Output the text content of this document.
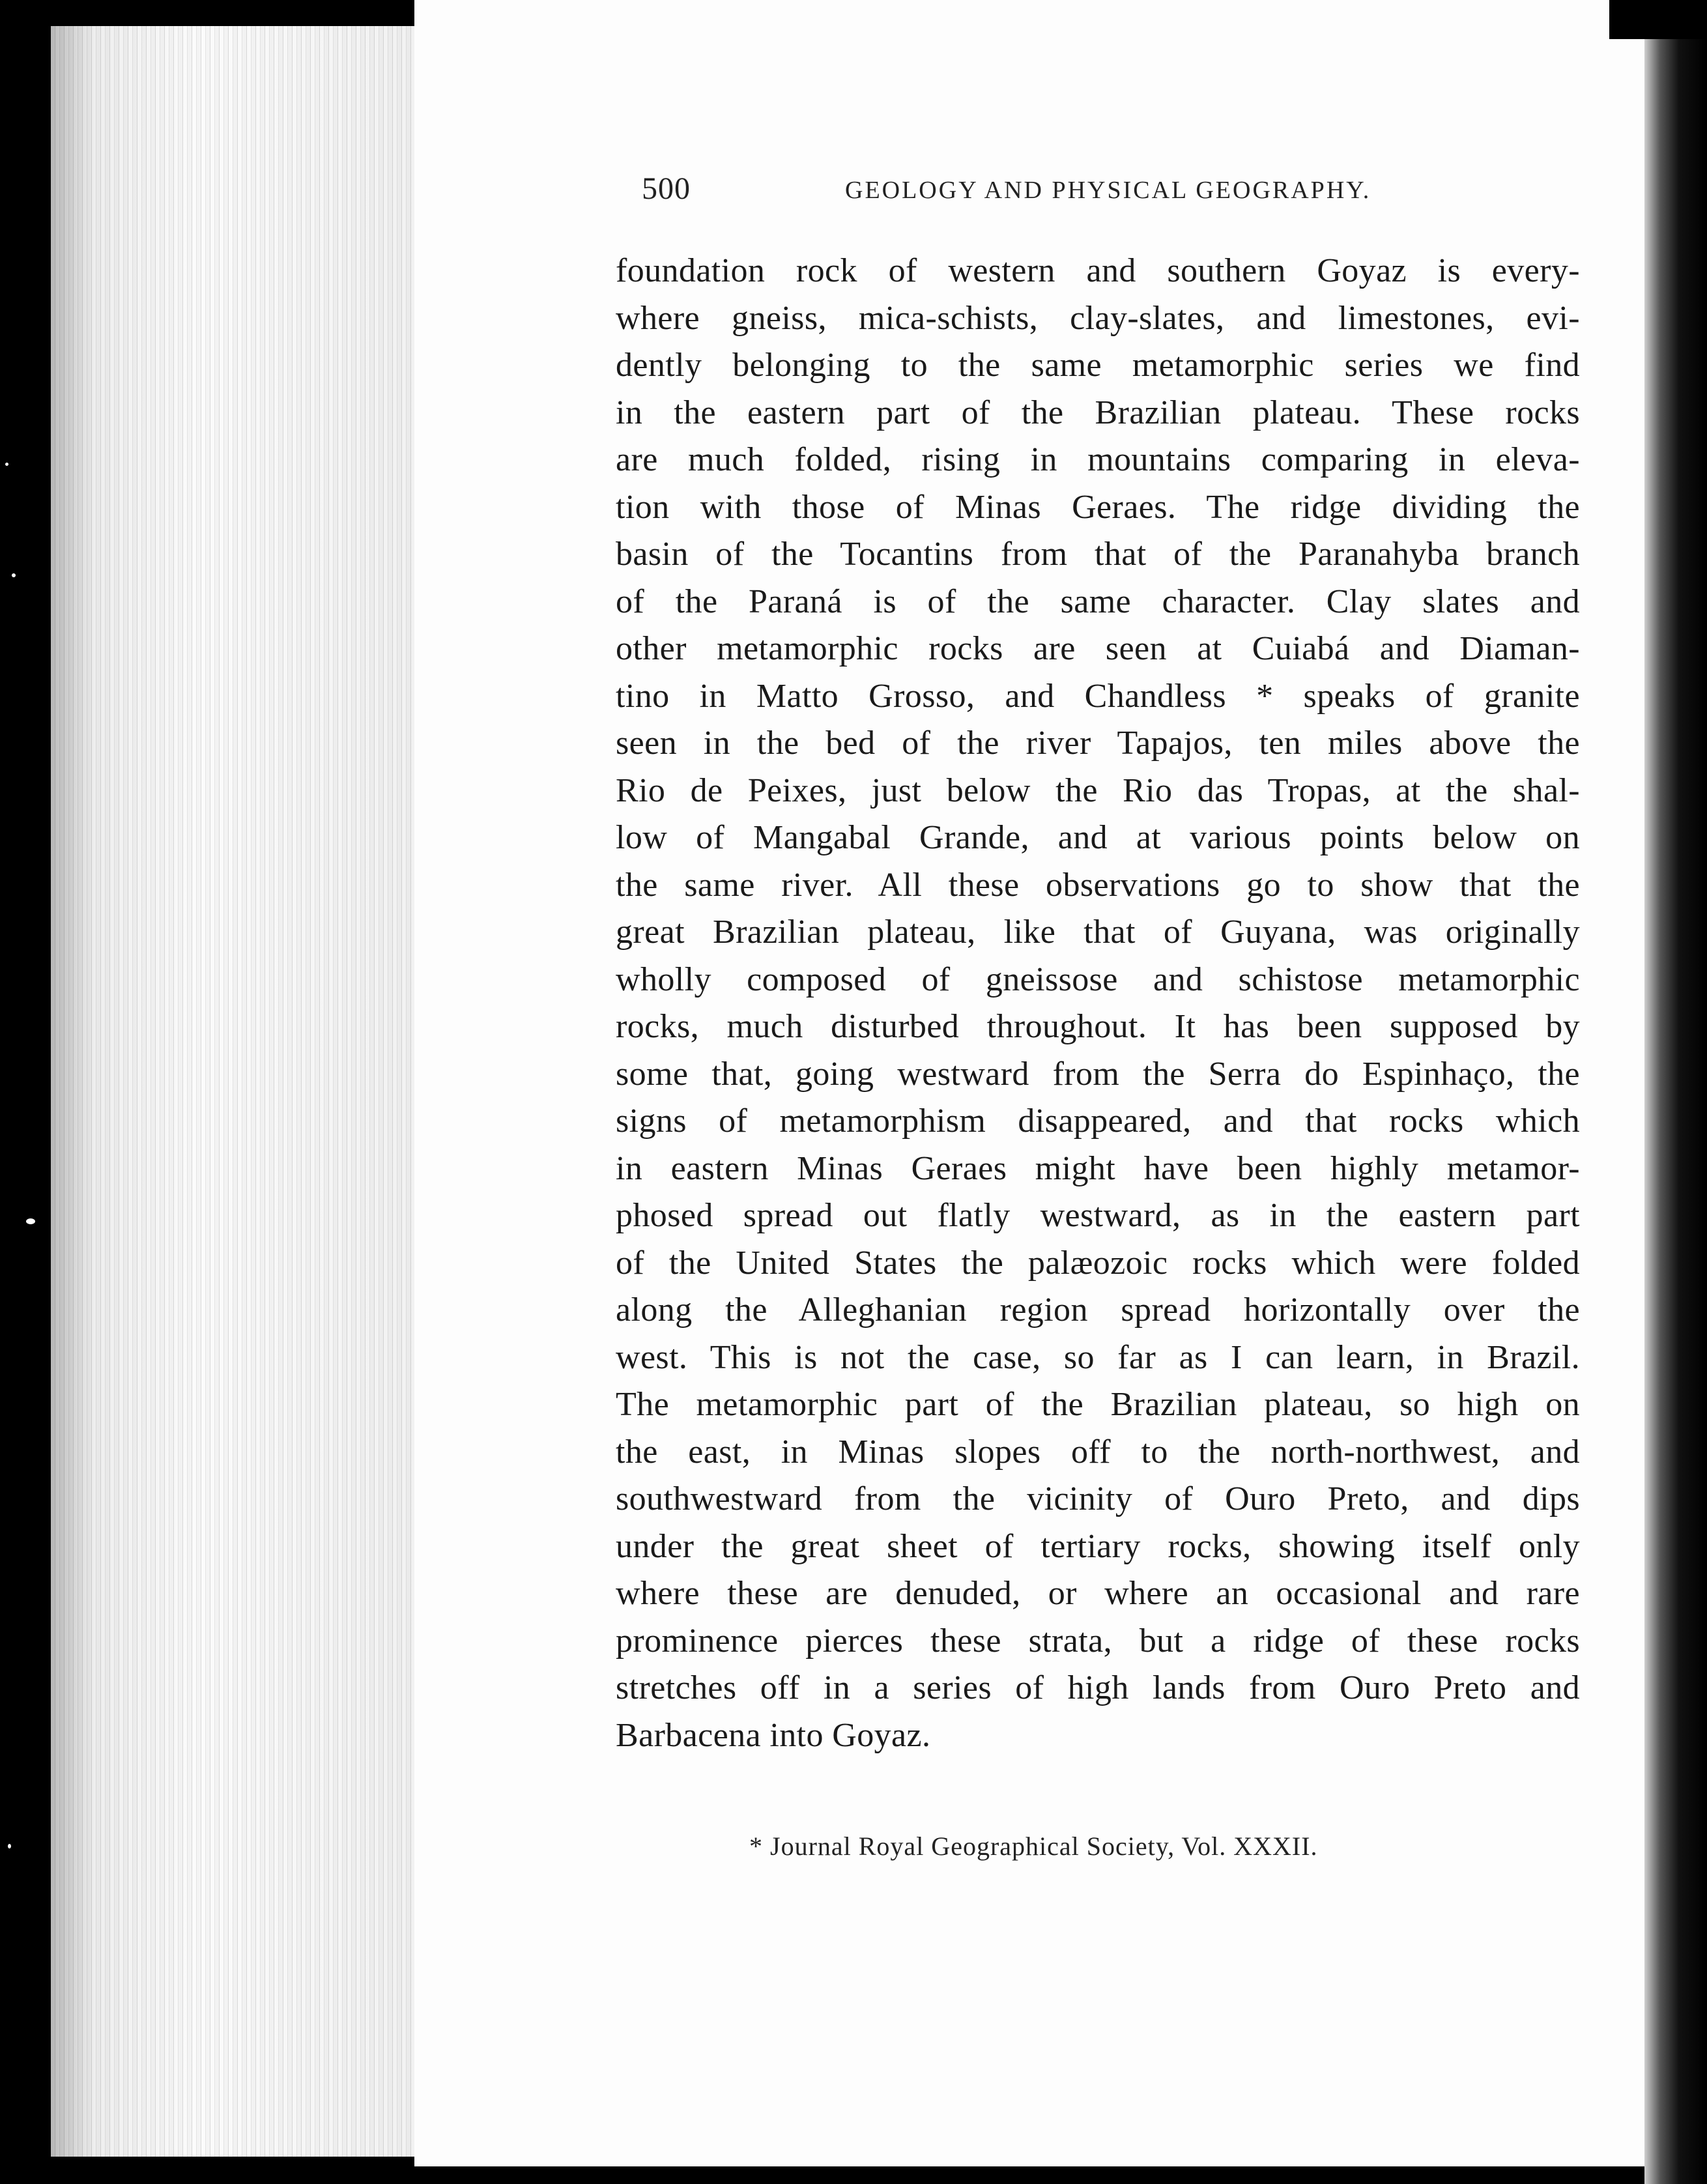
500	GEOLOGY AND PHYSICAL GEOGRAPHY.
foundation rock of western and southern Goyaz is every-
where gneiss, mica-schists, clay-slates, and limestones, evi-
dently belonging to the same metamorphic series we find
in the eastern part of the Brazilian plateau. These rocks
are much folded, rising in mountains comparing in eleva-
tion with those of Minas Geraes. The ridge dividing the
basin of the Tocantins from that of the Paranahyba branch
of the Paraná is of the same character. Clay slates and
other metamorphic rocks are seen at Cuiabá and Diaman-
tino in Matto Grosso, and Chandless * speaks of granite
seen in the bed of the river Tapajos, ten miles above the
Rio de Peixes, just below the Rio das Tropas, at the shal-
low of Mangabal Grande, and at various points below on
the same river. All these observations go to show that the
great Brazilian plateau, like that of Guyana, was originally
wholly composed of gneissose and schistose metamorphic
rocks, much disturbed throughout. It has been supposed by
some that, going westward from the Serra do Espinhaço, the
signs of metamorphism disappeared, and that rocks which
in eastern Minas Geraes might have been highly metamor-
phosed spread out flatly westward, as in the eastern part
of the United States the palæozoic rocks which were folded
along the Alleghanian region spread horizontally over the
west. This is not the case, so far as I can learn, in Brazil.
The metamorphic part of the Brazilian plateau, so high on
the east, in Minas slopes off to the north-northwest, and
southwestward from the vicinity of Ouro Preto, and dips
under the great sheet of tertiary rocks, showing itself only
where these are denuded, or where an occasional and rare
prominence pierces these strata, but a ridge of these rocks
stretches off in a series of high lands from Ouro Preto and
Barbacena into Goyaz.
* Journal Royal Geographical Society, Vol. XXXII.
